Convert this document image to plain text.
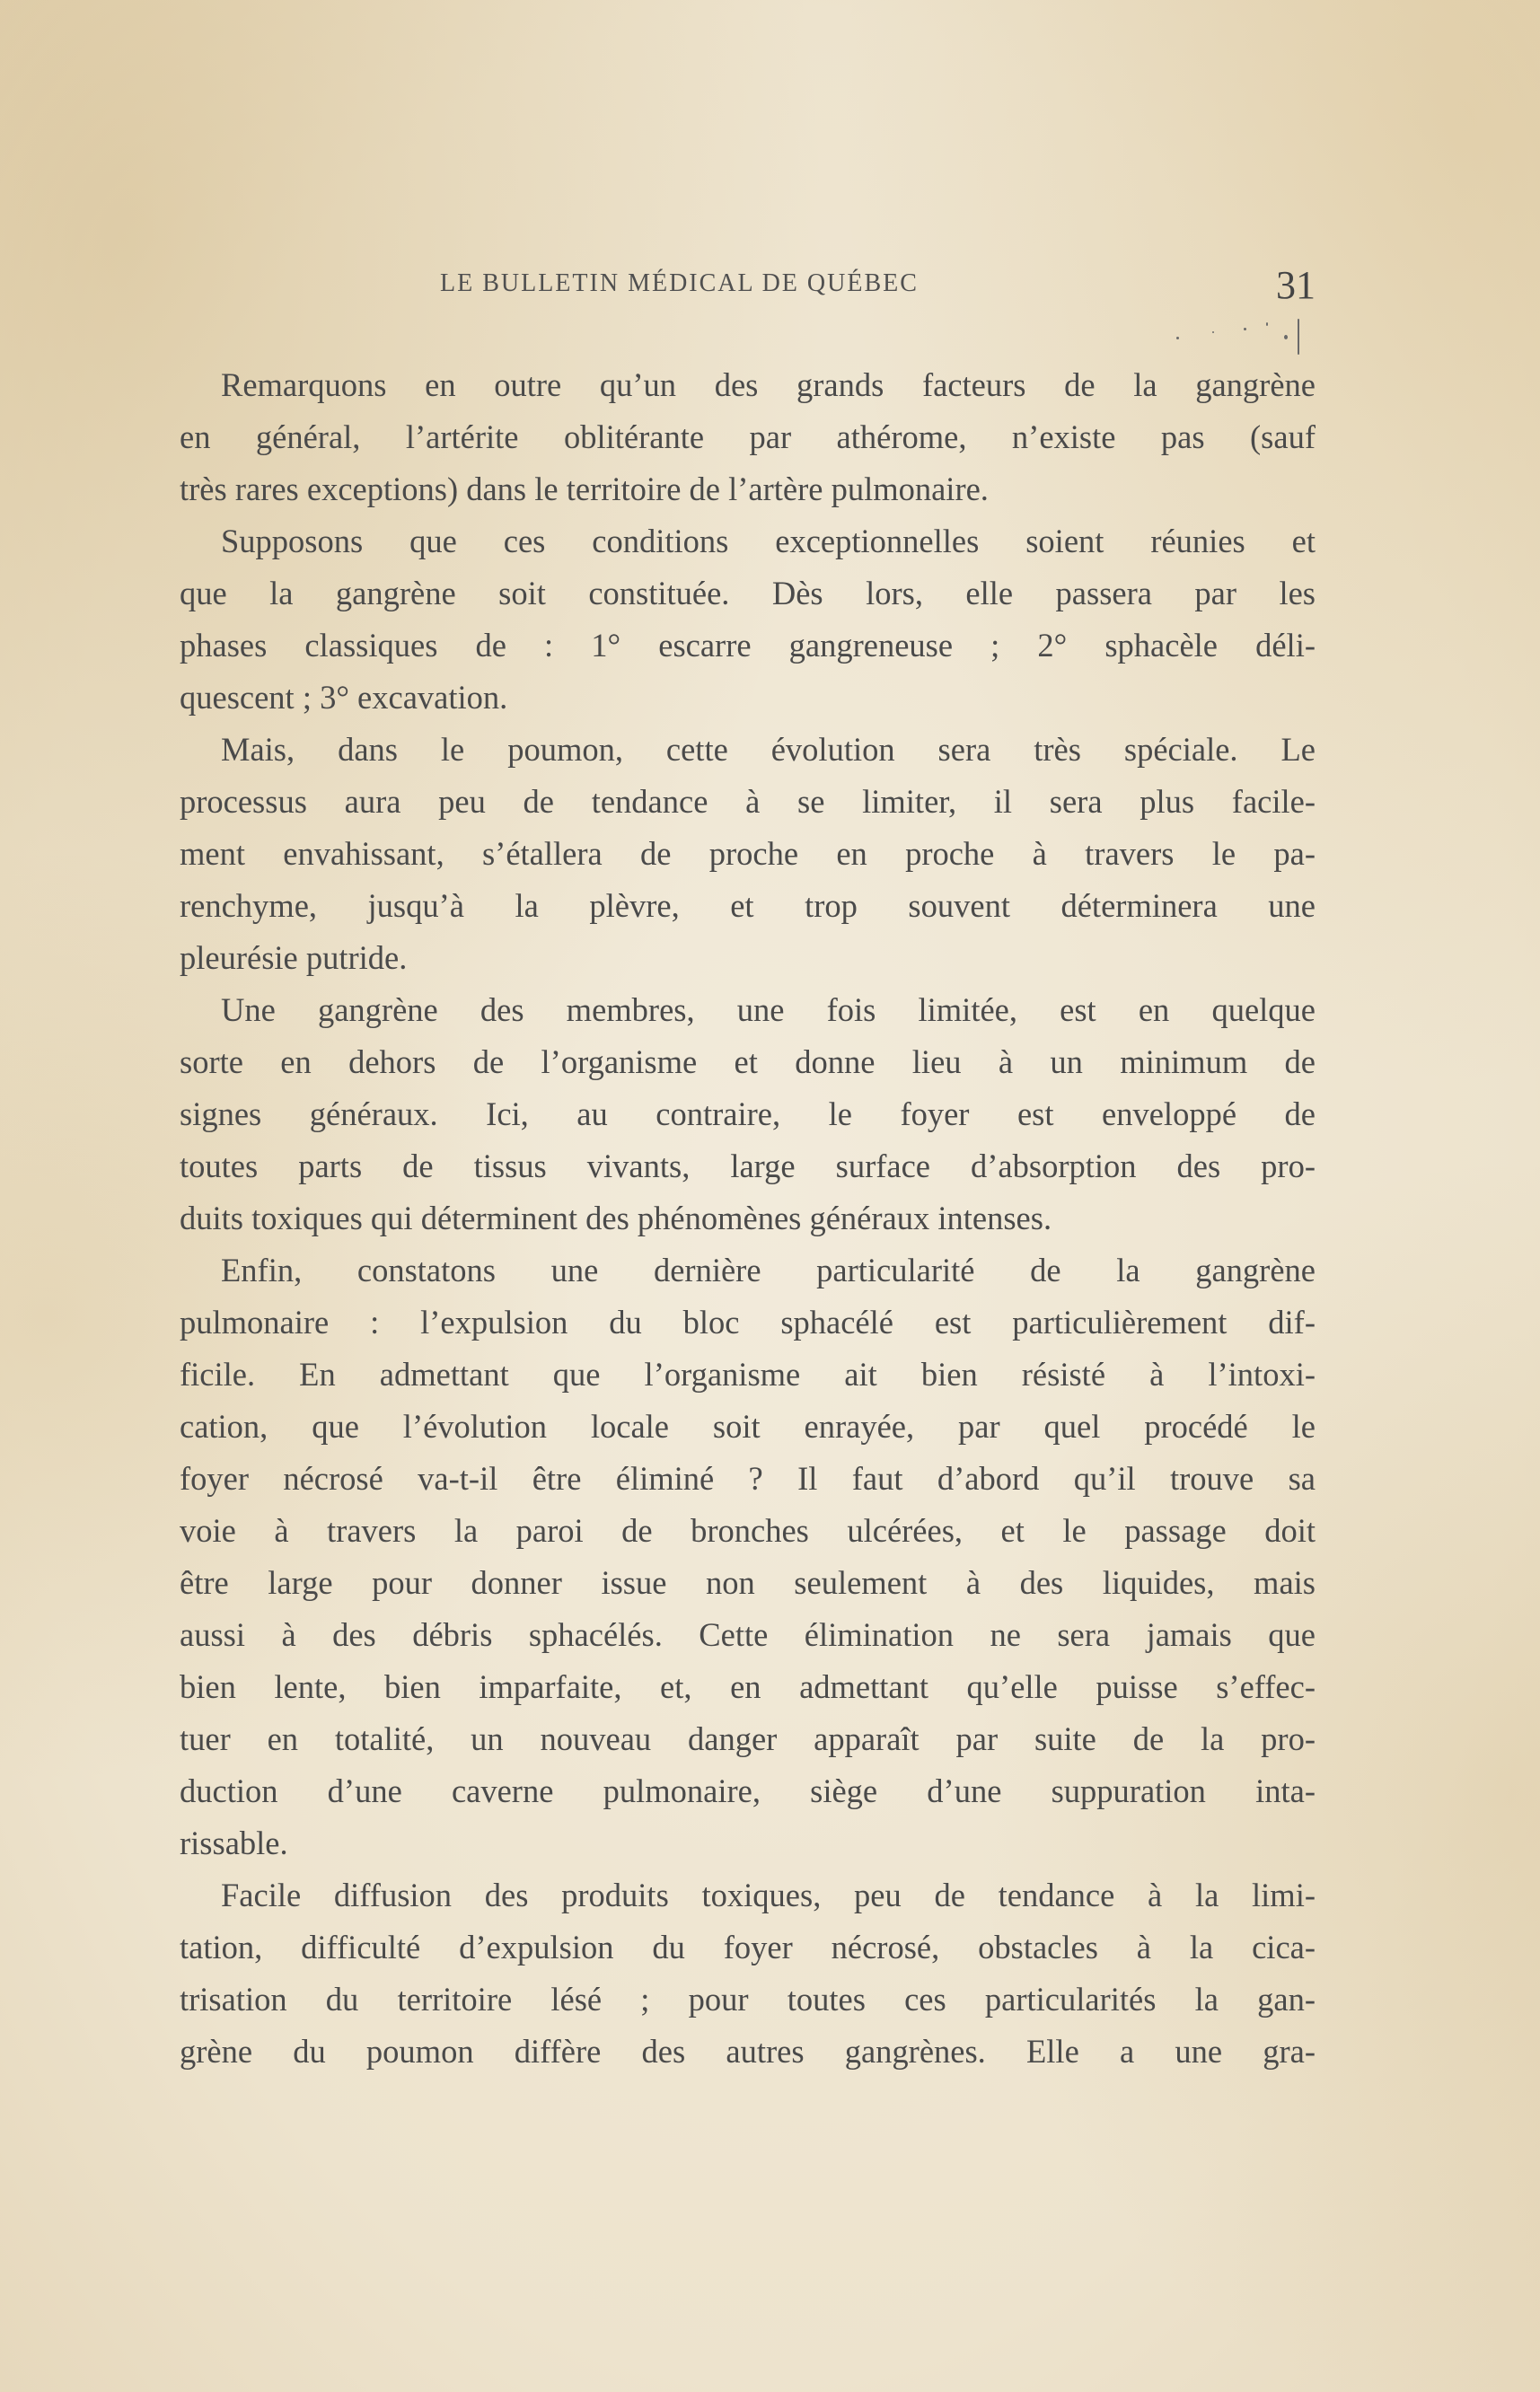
LE BULLETIN MÉDICAL DE QUÉBEC	31
Remarquons en outre qu’un des grands facteurs de la gangrène
en général, l’artérite oblitérante par athérome, n’existe pas (sauf
très rares exceptions) dans le territoire de l’artère pulmonaire.
Supposons que ces conditions exceptionnelles soient réunies et
que la gangrène soit constituée. Dès lors, elle passera par les
phases classiques de : 1° escarre gangreneuse ; 2° sphacèle déli-
quescent ; 3° excavation.
Mais, dans le poumon, cette évolution sera très spéciale. Le
processus aura peu de tendance à se limiter, il sera plus facile-
ment envahissant, s’étallera de proche en proche à travers le pa-
renchyme, jusqu’à la plèvre, et trop souvent déterminera une
pleurésie putride.
Une gangrène des membres, une fois limitée, est en quelque
sorte en dehors de l’organisme et donne lieu à un minimum de
signes généraux. Ici, au contraire, le foyer est enveloppé de
toutes parts de tissus vivants, large surface d’absorption des pro-
duits toxiques qui déterminent des phénomènes généraux intenses.
Enfin, constatons une dernière particularité de la gangrène
pulmonaire : l’expulsion du bloc sphacélé est particulièrement dif-
ficile. En admettant que l’organisme ait bien résisté à l’intoxi-
cation, que l’évolution locale soit enrayée, par quel procédé le
foyer nécrosé va-t-il être éliminé ? Il faut d’abord qu’il trouve sa
voie à travers la paroi de bronches ulcérées, et le passage doit
être large pour donner issue non seulement à des liquides, mais
aussi à des débris sphacélés. Cette élimination ne sera jamais que
bien lente, bien imparfaite, et, en admettant qu’elle puisse s’effec-
tuer en totalité, un nouveau danger apparaît par suite de la pro-
duction d’une caverne pulmonaire, siège d’une suppuration inta-
rissable.
Facile diffusion des produits toxiques, peu de tendance à la limi-
tation, difficulté d’expulsion du foyer nécrosé, obstacles à la cica-
trisation du territoire lésé ; pour toutes ces particularités la gan-
grène du poumon diffère des autres gangrènes. Elle a une gra-
